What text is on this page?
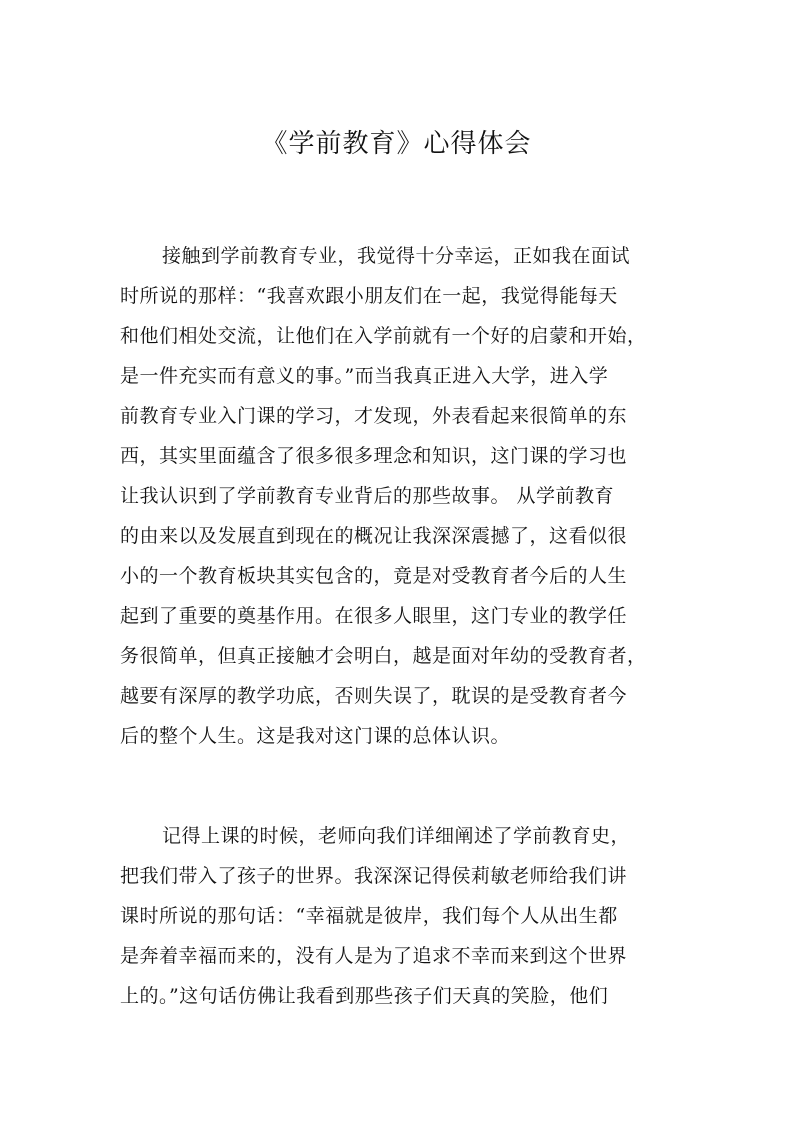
《学前教育》心得体会
接触到学前教育专业，我觉得十分幸运，正如我在面试
时所说的那样：“我喜欢跟小朋友们在一起，我觉得能每天
和他们相处交流，让他们在入学前就有一个好的启蒙和开始，
是一件充实而有意义的事。”而当我真正进入大学，进入学
前教育专业入门课的学习，才发现，外表看起来很简单的东
西，其实里面蕴含了很多很多理念和知识，这门课的学习也
让我认识到了学前教育专业背后的那些故事。 从学前教育
的由来以及发展直到现在的概况让我深深震撼了，这看似很
小的一个教育板块其实包含的，竟是对受教育者今后的人生
起到了重要的奠基作用。在很多人眼里，这门专业的教学任
务很简单，但真正接触才会明白，越是面对年幼的受教育者，
越要有深厚的教学功底，否则失误了，耽误的是受教育者今
后的整个人生。这是我对这门课的总体认识。
记得上课的时候，老师向我们详细阐述了学前教育史，
把我们带入了孩子的世界。我深深记得侯莉敏老师给我们讲
课时所说的那句话：“幸福就是彼岸，我们每个人从出生都
是奔着幸福而来的，没有人是为了追求不幸而来到这个世界
上的。”这句话仿佛让我看到那些孩子们天真的笑脸，他们
